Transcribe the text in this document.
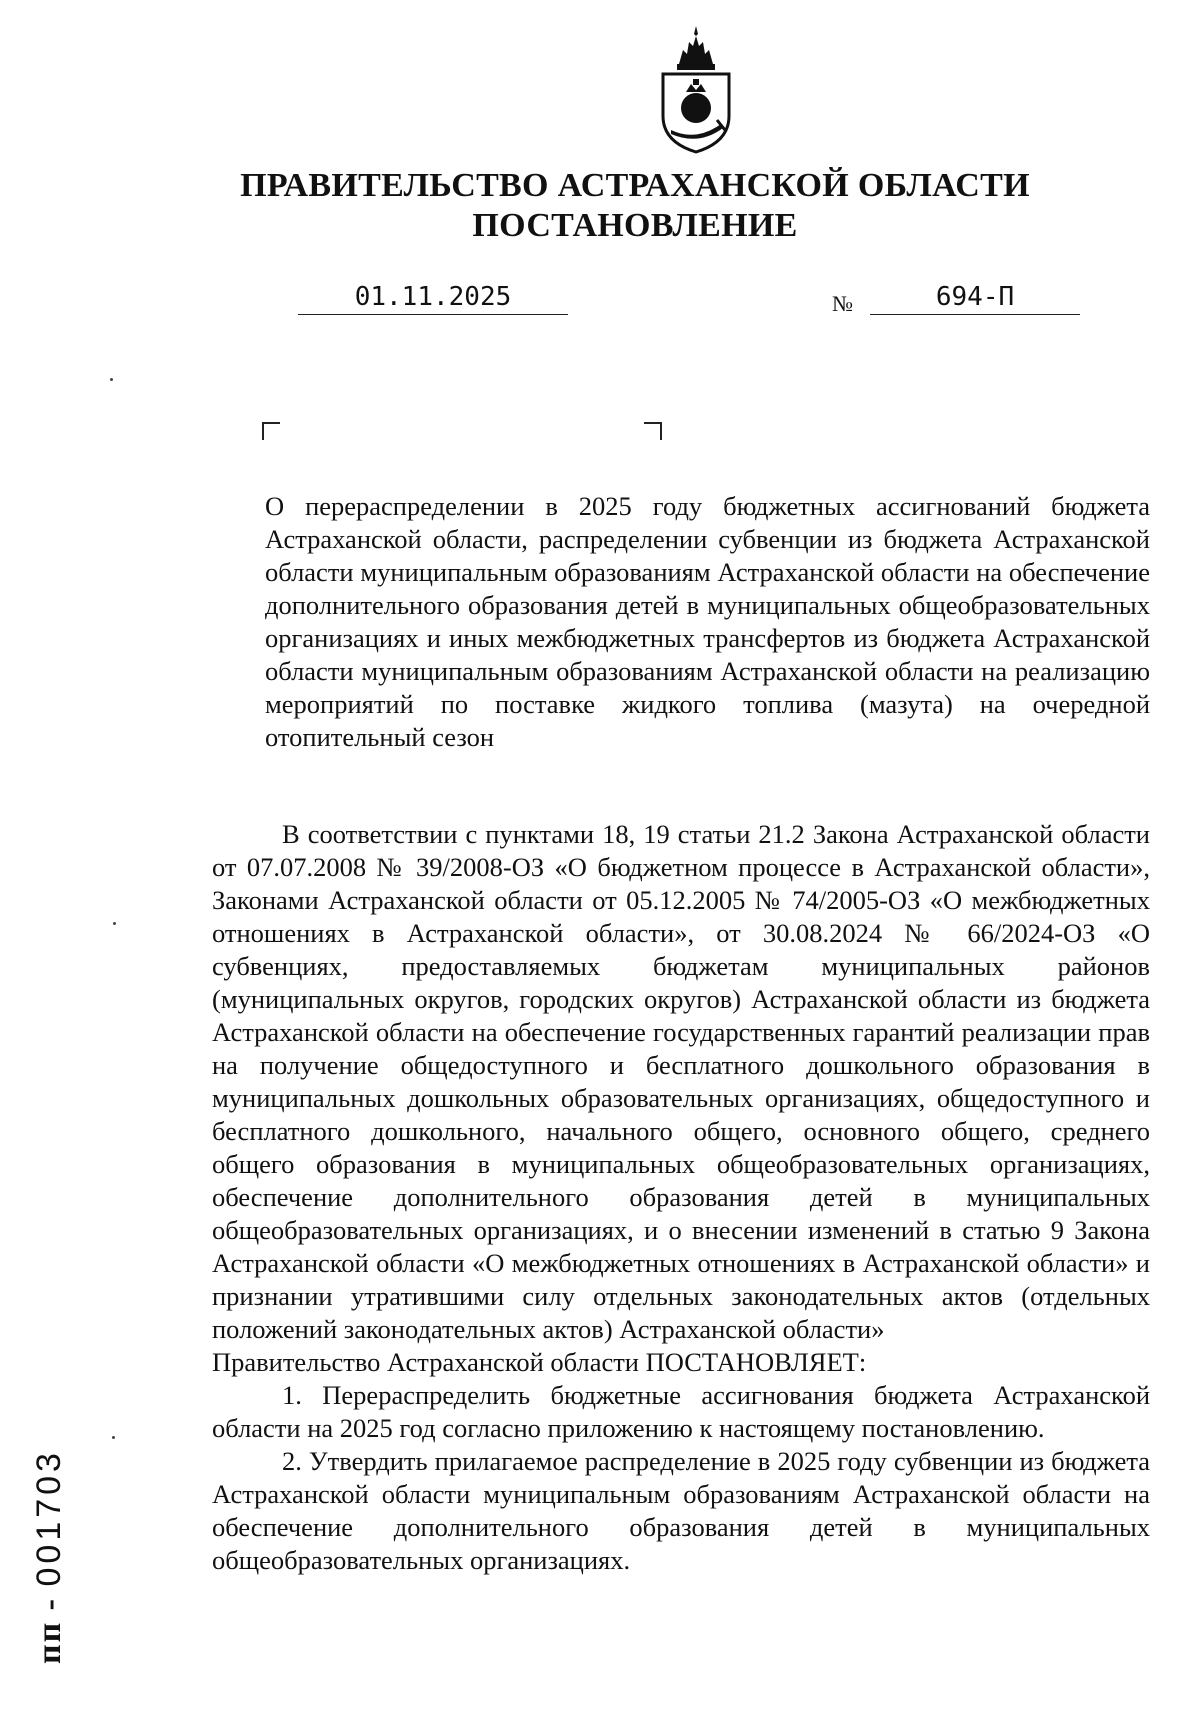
ПРАВИТЕЛЬСТВО АСТРАХАНСКОЙ ОБЛАСТИ
ПОСТАНОВЛЕНИЕ
01.11.2025	№	694-П
О перераспределении в 2025 году бюджетных ассигнований бюджета Астраханской области, распределении субвенции из бюджета Астраханской области муниципальным образованиям Астраханской области на обеспечение дополнительного образования детей в муниципальных общеобразовательных организациях и иных межбюджетных трансфертов из бюджета Астраханской области муниципальным образованиям Астраханской области на реализацию мероприятий по поставке жидкого топлива (мазута) на очередной отопительный сезон

В соответствии с пунктами 18, 19 статьи 21.2 Закона Астраханской области от 07.07.2008 № 39/2008-ОЗ «О бюджетном процессе в Астраханской области», Законами Астраханской области от 05.12.2005 № 74/2005-ОЗ «О межбюджетных отношениях в Астраханской области», от 30.08.2024 № 66/2024-ОЗ «О субвенциях, предоставляемых бюджетам муниципальных районов (муниципальных округов, городских округов) Астраханской области из бюджета Астраханской области на обеспечение государственных гарантий реализации прав на получение общедоступного и бесплатного дошкольного образования в муниципальных дошкольных образовательных организациях, общедоступного и бесплатного дошкольного, начального общего, основного общего, среднего общего образования в муниципальных общеобразовательных организациях, обеспечение дополнительного образования детей в муниципальных общеобразовательных организациях, и о внесении изменений в статью 9 Закона Астраханской области «О межбюджетных отношениях в Астраханской области» и признании утратившими силу отдельных законодательных актов (отдельных положений законодательных актов) Астраханской области»

Правительство Астраханской области ПОСТАНОВЛЯЕТ:

1. Перераспределить бюджетные ассигнования бюджета Астраханской области на 2025 год согласно приложению к настоящему постановлению.

2. Утвердить прилагаемое распределение в 2025 году субвенции из бюджета Астраханской области муниципальным образованиям Астраханской области на обеспечение дополнительного образования детей в муниципальных общеобразовательных организациях.

пп - 001703
